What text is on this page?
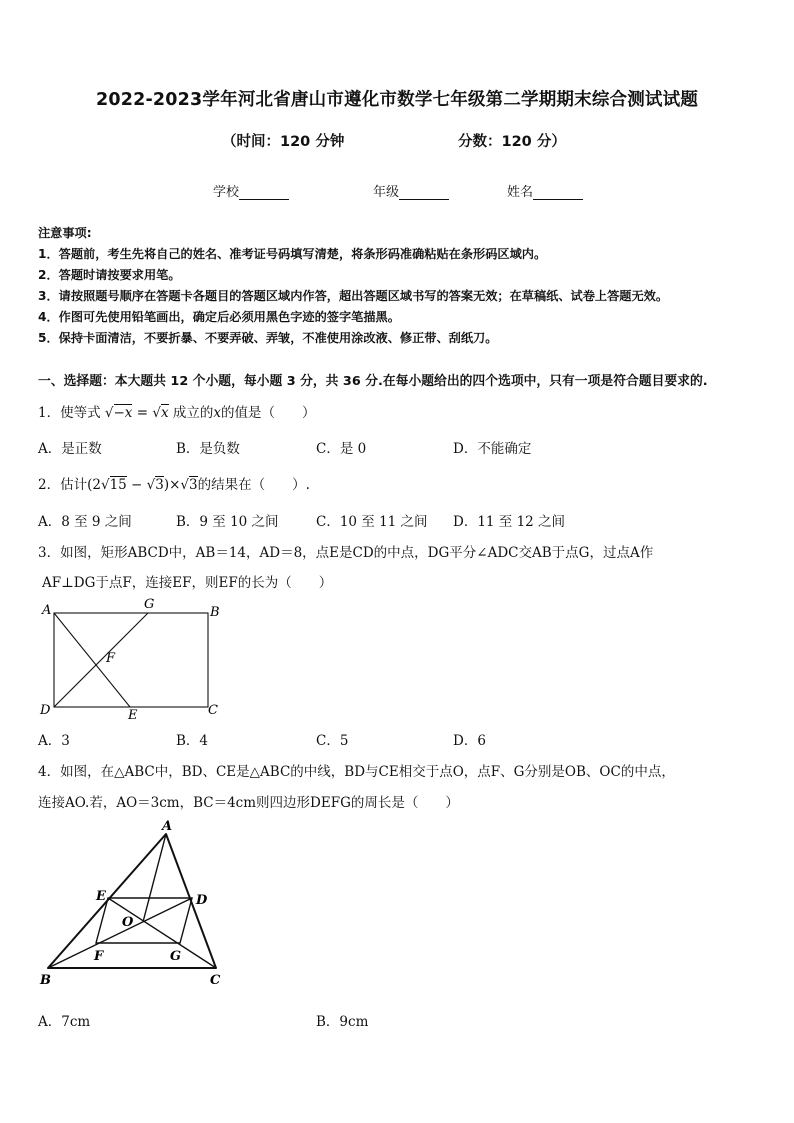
2022-2023学年河北省唐山市遵化市数学七年级第二学期期末综合测试试题
（时间：120 分钟	分数：120 分）
学校	年级	姓名
注意事项:
1．答题前，考生先将自己的姓名、准考证号码填写清楚，将条形码准确粘贴在条形码区域内。
2．答题时请按要求用笔。
3．请按照题号顺序在答题卡各题目的答题区域内作答，超出答题区域书写的答案无效；在草稿纸、试卷上答题无效。
4．作图可先使用铅笔画出，确定后必须用黑色字迹的签字笔描黑。
5．保持卡面清洁，不要折暴、不要弄破、弄皱，不准使用涂改液、修正带、刮纸刀。
一、选择题：本大题共 12 个小题，每小题 3 分，共 36 分.在每小题给出的四个选项中，只有一项是符合题目要求的.
1．使等式 √−x = √x 成立的x的值是（　　）
A．是正数	B．是负数	C．是 0	D．不能确定
2．估计(2√15 − √3)×√3的结果在（　　）.
A．8 至 9 之间	B．9 至 10 之间	C．10 至 11 之间 D．11 至 12 之间
3．如图，矩形ABCD中，AB＝14，AD＝8，点E是CD的中点，DG平分∠ADC交AB于点G，过点A作
AF⊥DG于点F，连接EF，则EF的长为（　　）
A	G
B
F
D	E	C
A．3	B．4	C．5	D．6
4．如图，在△ABC中，BD、CE是△ABC的中线，BD与CE相交于点O，点F、G分别是OB、OC的中点，
连接AO.若，AO＝3cm，BC＝4cm则四边形DEFG的周长是（　　）
A
E	D
O
F	G
B	C
A．7cm	B．9cm
